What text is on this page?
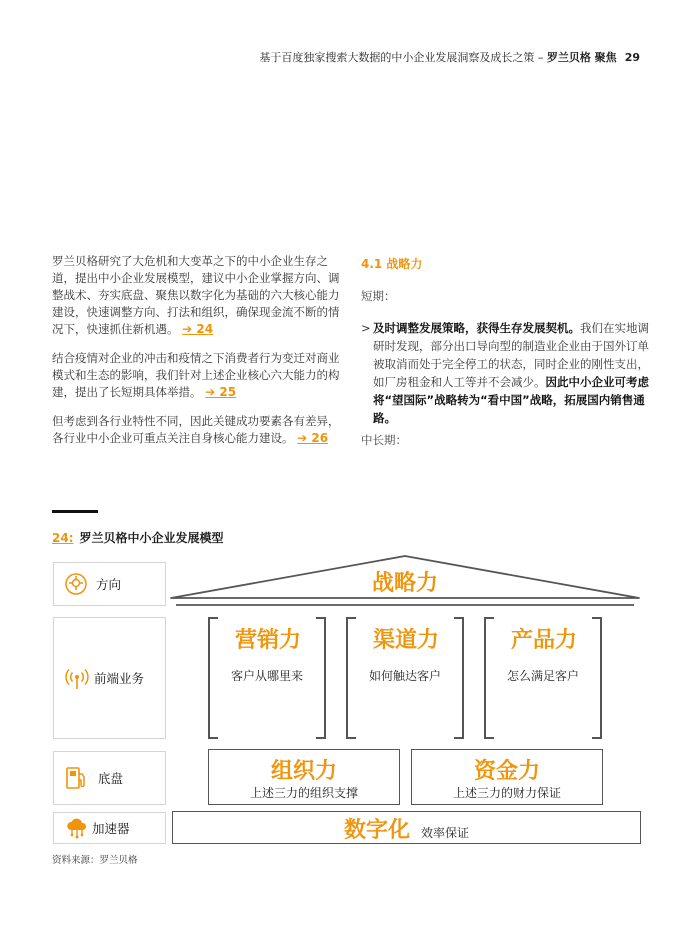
基于百度独家搜索大数据的中小企业发展洞察及成长之策 – 罗兰贝格 聚焦 29
罗兰贝格研究了大危机和大变革之下的中小企业生存之道，提出中小企业发展模型，建议中小企业掌握方向、调整战术、夯实底盘、聚焦以数字化为基础的六大核心能力建设，快速调整方向、打法和组织，确保现金流不断的情况下，快速抓住新机遇。 ➔ 24
结合疫情对企业的冲击和疫情之下消费者行为变迁对商业模式和生态的影响，我们针对上述企业核心六大能力的构建，提出了长短期具体举措。 ➔ 25
但考虑到各行业特性不同，因此关键成功要素各有差异，各行业中小企业可重点关注自身核心能力建设。 ➔ 26
4.1 战略力
短期：
> 及时调整发展策略，获得生存发展契机。我们在实地调研时发现，部分出口导向型的制造业企业由于国外订单被取消而处于完全停工的状态，同时企业的刚性支出，如厂房租金和人工等并不会减少。因此中小企业可考虑将“望国际”战略转为“看中国”战略，拓展国内销售通路。
中长期：
24: 罗兰贝格中小企业发展模型
方向
前端业务
底盘
加速器
战略力
营销力
客户从哪里来
渠道力
如何触达客户
产品力
怎么满足客户
组织力
上述三力的组织支撑
资金力
上述三力的财力保证
数字化 效率保证
资料来源：罗兰贝格
